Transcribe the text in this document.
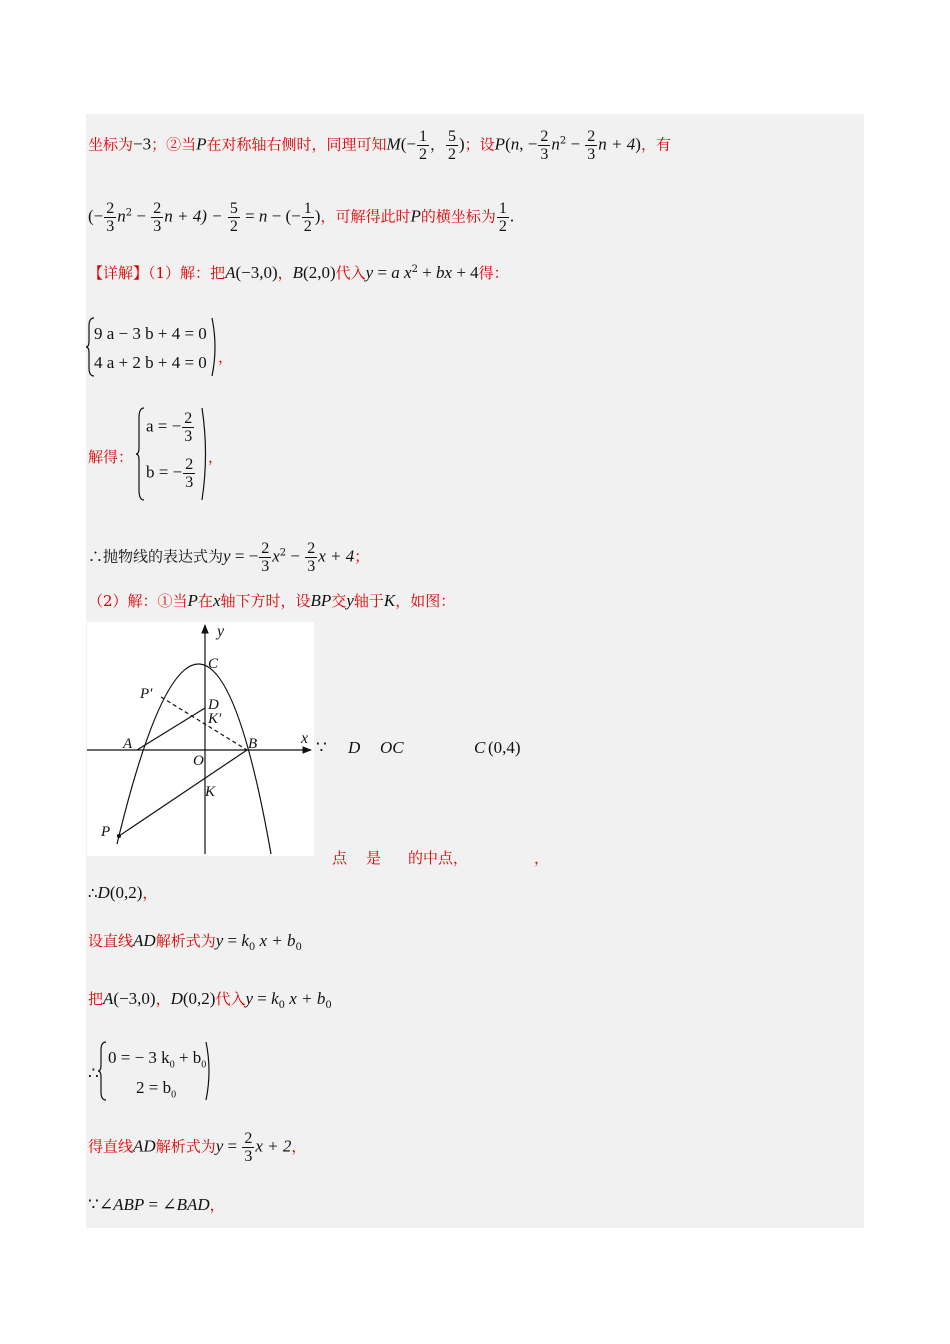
坐标为−3；②当P在对称轴右侧时，同理可知$M(- \frac{1}{2}$ ， $\frac{5}{2}$ )；设P(n, − $\frac{2}{3} n^2 - \frac{2}{3}$ n + 4)，有
(− $\frac{2}{3} n^2 - \frac{2}{3}$ $n + 4) - \frac{5}{2} = n$ − (− $\frac{1}{2}$ )，可解得此时P的横坐标为 $\frac{1}{2}$ .
【详解】（1）解：把A(−3,0)，B(2,0)代入y = a $x^2$ + bx + 4得：
9 a − 3 b + 4 = 0
4 a + 2 b + 4 = 0 ，
解得：
a = − $\frac{2}{3}$
b = − $\frac{2}{3}$ ，
∴抛物线的表达式为y = − $\frac{2}{3} x^2 - \frac{2}{3}$ x + 4；
（2）解：①当P在x轴下方时，设BP交y轴于K，如图：
y
x
C
P′
D
K′
A	B
O
K
P
∵ D OC	C (0,4)
点 是 的中点，	，
∴D(0,2)，
设直线AD解析式为$y = k_0$ $x + b_0$
把A(−3,0)，D(0,2)代入$y = k_0$ $x + b_0$
∴
0 = − 3 $k_0 + b_0$
$2 = b_0$
得直线AD解析式为$y = \frac{2}{3}$ x + 2，
∵∠ABP = ∠BAD，
